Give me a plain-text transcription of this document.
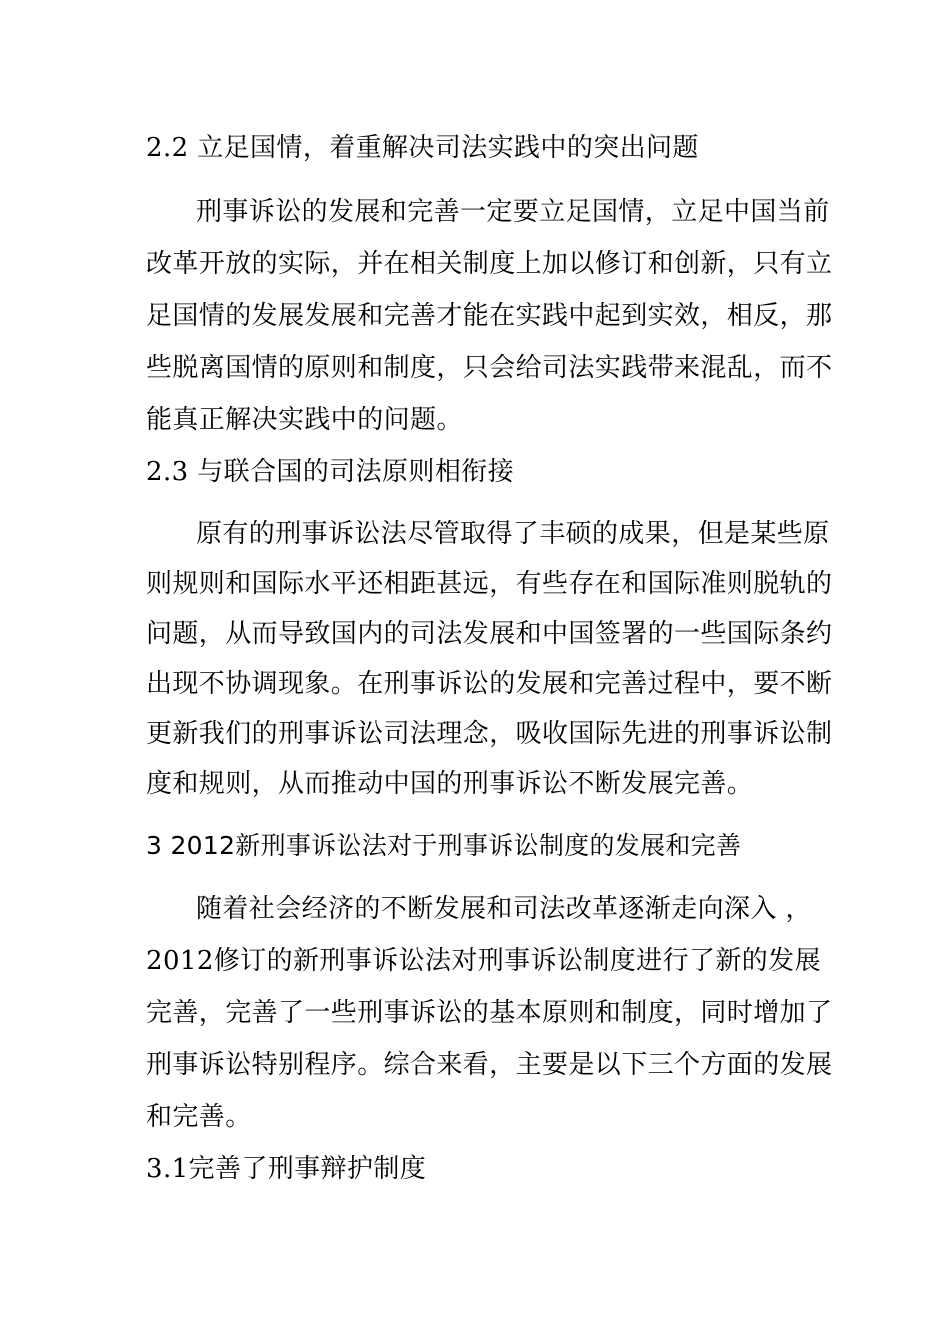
2.2 立足国情，着重解决司法实践中的突出问题
刑事诉讼的发展和完善一定要立足国情，立足中国当前
改革开放的实际，并在相关制度上加以修订和创新，只有立
足国情的发展发展和完善才能在实践中起到实效，相反，那
些脱离国情的原则和制度，只会给司法实践带来混乱，而不
能真正解决实践中的问题。
2.3 与联合国的司法原则相衔接
原有的刑事诉讼法尽管取得了丰硕的成果，但是某些原
则规则和国际水平还相距甚远，有些存在和国际准则脱轨的
问题，从而导致国内的司法发展和中国签署的一些国际条约
出现不协调现象。在刑事诉讼的发展和完善过程中，要不断
更新我们的刑事诉讼司法理念，吸收国际先进的刑事诉讼制
度和规则，从而推动中国的刑事诉讼不断发展完善。
3 2012新刑事诉讼法对于刑事诉讼制度的发展和完善
随着社会经济的不断发展和司法改革逐渐走向深入 ，
2012修订的新刑事诉讼法对刑事诉讼制度进行了新的发展
完善，完善了一些刑事诉讼的基本原则和制度，同时增加了
刑事诉讼特别程序。综合来看，主要是以下三个方面的发展
和完善。
3.1完善了刑事辩护制度
